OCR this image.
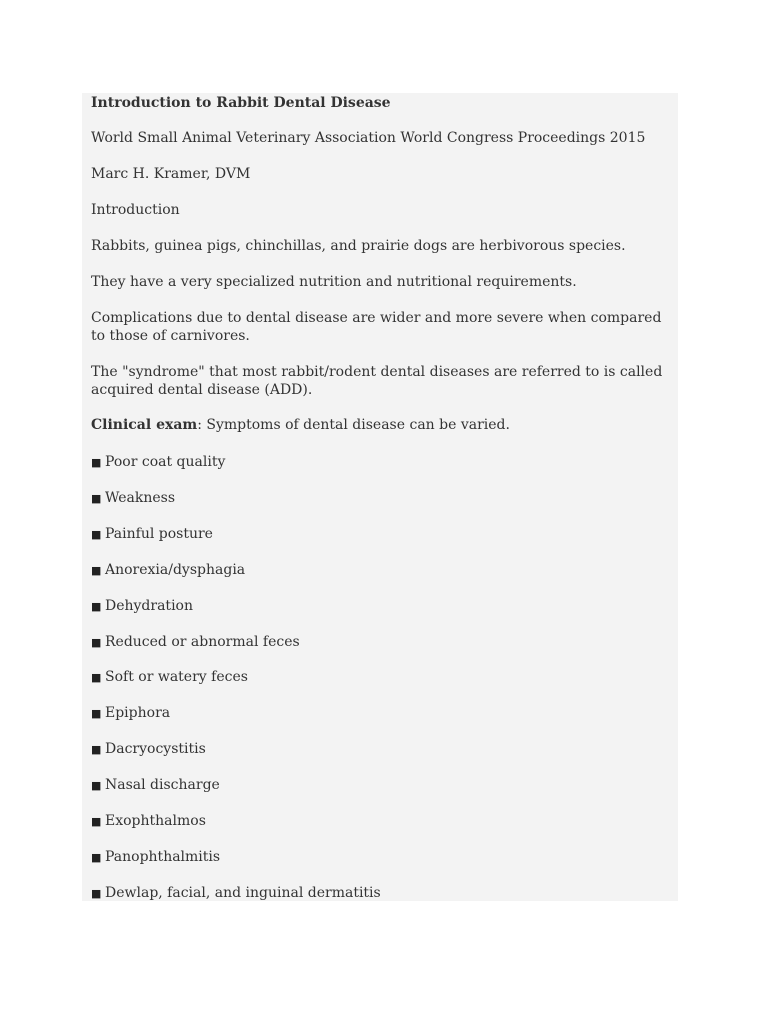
Introduction to Rabbit Dental Disease

World Small Animal Veterinary Association World Congress Proceedings 2015

Marc H. Kramer, DVM

Introduction

Rabbits, guinea pigs, chinchillas, and prairie dogs are herbivorous species.

They have a very specialized nutrition and nutritional requirements.

Complications due to dental disease are wider and more severe when compared to those of carnivores.

The "syndrome" that most rabbit/rodent dental diseases are referred to is called acquired dental disease (ADD).

Clinical exam: Symptoms of dental disease can be varied.

■ Poor coat quality

■ Weakness

■ Painful posture

■ Anorexia/dysphagia

■ Dehydration

■ Reduced or abnormal feces

■ Soft or watery feces

■ Epiphora

■ Dacryocystitis

■ Nasal discharge

■ Exophthalmos

■ Panophthalmitis

■ Dewlap, facial, and inguinal dermatitis
